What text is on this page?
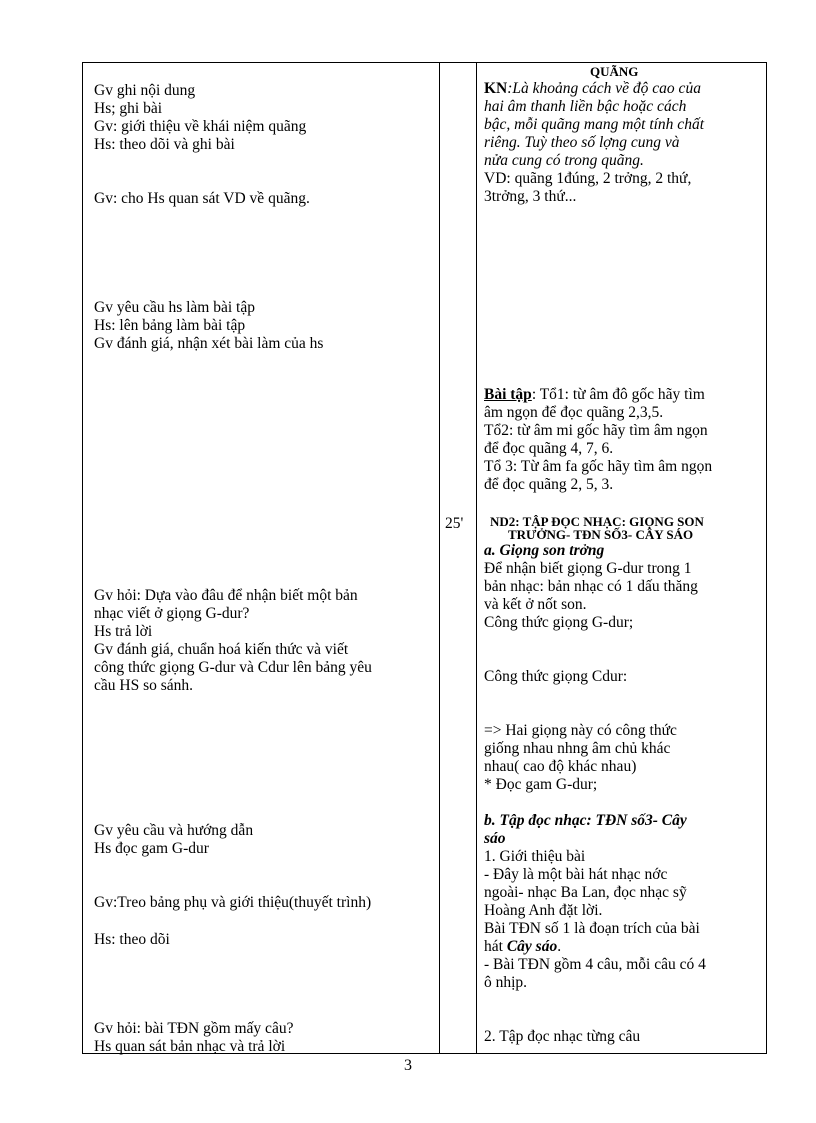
Gv ghi nội dung
Hs; ghi bài
Gv: giới thiệu về khái niệm quãng
Hs: theo dõi và ghi bài
Gv: cho Hs quan sát VD về quãng.
Gv yêu cầu hs làm bài tập
Hs: lên bảng làm bài tập
Gv đánh giá, nhận xét bài làm của hs
Gv hỏi: Dựa vào đâu để nhận biết một bản
nhạc viết ở giọng G-dur?
Hs trả lời
Gv đánh giá, chuẩn hoá kiến thức và viết
công thức giọng G-dur và Cdur lên bảng yêu
cầu HS so sánh.
Gv yêu cầu và hướng dẫn
Hs đọc gam G-dur
Gv:Treo bảng phụ và giới thiệu(thuyết trình)
Hs: theo dõi
Gv hỏi: bài TĐN gồm mấy câu?
Hs quan sát bản nhạc và trả lời
25'
QUÃNG
KN:Là khoảng cách về độ cao của
hai âm thanh liền bậc hoặc cách
bậc, mỗi quãng mang một tính chất
riêng. Tuỳ theo số lợng cung và
nửa cung có trong quãng.
VD: quãng 1đúng, 2 trởng, 2 thứ,
3trởng, 3 thứ...
Bài tập: Tổ1: từ âm đô gốc hãy tìm
âm ngọn để đọc quãng 2,3,5.
Tổ2: từ âm mi gốc hãy tìm âm ngọn
để đọc quãng 4, 7, 6.
Tổ 3: Từ âm fa gốc hãy tìm âm ngọn
để đọc quãng 2, 5, 3.
ND2: TẬP ĐỌC NHẠC: GIỌNG SON
TRƯỞNG- TĐN SỐ3- CÂY SÁO
a. Giọng son trởng
Để nhận biết giọng G-dur trong 1
bản nhạc: bản nhạc có 1 dấu thăng
và kết ở nốt son.
Công thức giọng G-dur;
Công thức giọng Cdur:
=> Hai giọng này có công thức
giống nhau nhng âm chủ khác
nhau( cao độ khác nhau)
* Đọc gam G-dur;
b. Tập đọc nhạc: TĐN số3- Cây
sáo
1. Giới thiệu bài
- Đây là một bài hát nhạc nớc
ngoài- nhạc Ba Lan, đọc nhạc sỹ
Hoàng Anh đặt lời.
Bài TĐN số 1 là đoạn trích của bài
hát Cây sáo.
- Bài TĐN gồm 4 câu, mỗi câu có 4
ô nhịp.
2. Tập đọc nhạc từng câu
3
